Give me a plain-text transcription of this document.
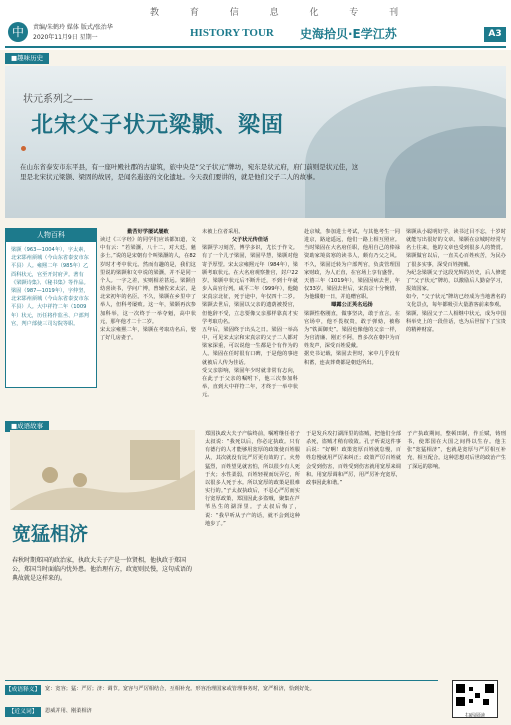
教 育 信 息 化 专 刊
中	责编/朱鹤玲 媒体 版式/张治华
2020年11月9日 星期一	HISTORY TOUR 史海拾贝·E学江苏	A3
■趣味历史
状元系列之——
北宋父子状元梁颢、梁固
在山东省泰安市东平县，有一座叶殿社郡的古建筑，旅中央是“父子状元”牌坊，宛东是状元府，府门前则是状元佳，这里是北宋状元梁颢、梁固的故居，是闻名遐迩的文化遗址。今天我们要讲的，就是他们父子二人的故事。
人物百科
梁颢（963—1004年），字太素，北宋郓州须城（今山东省泰安市东平县）人。雍熙二年（985年）乙酉科状元，官至开封府尹。著有《梁颢诗集》、《秘书集》等作品。梁固（987—1019年），字仲坚，北宋郓州须城（今山东省泰安市东平县）人。大中祥符二年（1009年）状元，历任将作监丞、户部判官，判户部使三司勾院等职。
勤苦好学屡试屡败
读过《三字经》的同学们应该都知道，文中有云：“若梁灏，八十二，对大廷，魁多士。”说的是宋朝有个叫梁灏的人，在82岁时才考中状元。然而有趣的是，我们这里说的梁颢和文中说的梁灏，并不是同一个人。一字之差，实则相差甚远。梁颢自幼喜读书，学问广博，曾辅佐宋太宗，是北宋初年的名臣。不久，梁颢在乡里中了举人，但科考屡败。这一年，梁颢再次参加科举，这一次终于一举夺魁，高中状元，那年他才二十二岁。
宋太宗雍熙二年，梁颢在考取功名后，娶了好几房妻子。
未被上位者采用。
父子状元传佳话
梁颢学习刻苦，博学多识，尤长于作文。有了一个儿子梁固，梁固早慧，梁颢对他寄予厚望。宋太宗雍熙元年（984年），梁颢考取状元。在大名府观察推官，封户22岁。梁颢中状元后不断升迁，不到十年就步入高官行列。咸平二年（999年），他随宋真宗北征，死于途中，年仅四十二岁。梁颢去世后，梁固以父亲的遗荫被授官，但他辞不受，立志要像父亲那样靠真才实学考取功名。
五年后，梁固终于出头之日。梁固一举高中，可见宋太宗和宋真宗的父子二人都对梁家深重，可以说他一生都是个有作为的人。梁固在任时很有口碑，于是他的事迹就被后人传为佳话。
受父亲影响，梁固年少时就非常有志向，在此子于父亲的嘱咐下，他三次参加科举，直到大中祥符二年，才终于一举中状元。
赴京城，参加进士考试，与其他考生一同进京，路途遥远，他们一路上相互照应。当时梁固在大名府任职，他用自己的俸禄资助家境贫寒的读书人，颇有乃父之风。不久，梁固迁转为户部判官，负责管理国家财政，为人正直，在官场上享有盛誉。
天禧三年（1019年），梁固因病去世，年仅33岁。梁固去世后，宋真宗十分惋惜，为他辍朝一日，并追赠官职。
曝露公正英名远扬
梁颢性格刚直，做事坚决，敢于直言。在官场中，他不畏权贵，敢于弹劾，被称为“铁面御史”。梁固也像他的父亲一样，为官清廉、刚正不阿，曾多次在朝中为百姓发声，深受百姓爱戴。
据史书记载，梁固去世时，家中几乎没有积蓄，连丧葬费都是朝廷所出。
梁颢从小聪明好学，读书过目不忘，十岁时就能写出很好的文章。梁颢在京城时经常与名士往来，他的文章也受到很多人的赞赏。梁颢做官以后，一直关心百姓疾苦，为民办了很多实事，深受百姓拥戴。
为纪念梁颢父子这段光辉的历史，后人修建了“父子状元”牌坊，以激励后人勤奋学习，报效国家。
如今，“父子状元”牌坊已经成为当地著名的文化景点，每年都吸引大量游客前来参观。
梁颢、梁固父子二人相继中状元，成为中国科举史上的一段佳话，也为后世留下了宝贵的精神财富。
■成语故事
宽猛相济
春秋时期郑国的政治家，执政大夫子产是一位贤相，他执政于郑国公，郑国当时面临内忧外患。他治理有方，政宽则民慢，这句成语的典故就是这样来的。
郑国执政大夫子产临终前，嘱咐继任者子太叔说：“我死以后，你必定执政。只有有德行的人才能够用宽厚的政策使百姓服从，其次就没有比严厉更有效的了。火势猛烈，百姓望见就害怕，所以很少有人死于火；水性柔弱，百姓轻视而玩弄它，所以很多人死于水。所以宽厚的政策是很难实行的。”子太叔执政后，不忍心严厉而实行宽厚政策，郑国因此多盗贼，聚集在芦苇丛生的湖泽里。子太叔后悔了，说：“我早听从子产的话，就不会到这种地步了。”
于是发兵攻打湖泽里的盗贼，把他们全部杀死，盗贼才稍有收敛。孔子听说这件事后说：“好啊！政策宽厚百姓就怠慢，百姓怠慢就用严厉来纠正；政策严厉百姓就会受到伤害，百姓受到伤害就用宽厚来调和。用宽厚调和严厉，用严厉补充宽厚，政事因此和谐。”
子产执政期间，整顿田制，作丘赋，铸刑书，使郑国在大国之间得以生存。他主张“宽猛相济”，也就是宽厚与严厉相互补充，相互配合。这种思想对后世的政治产生了深远的影响。
【成语释义】 宽：宽容；猛：严厉；济：调节。宽容与严厉相结合，互相补充。形容治理国家或管理事务时，宽严相济，恰到好处。
【近义词】	恩威并用、刚柔相济
扫码阅读
